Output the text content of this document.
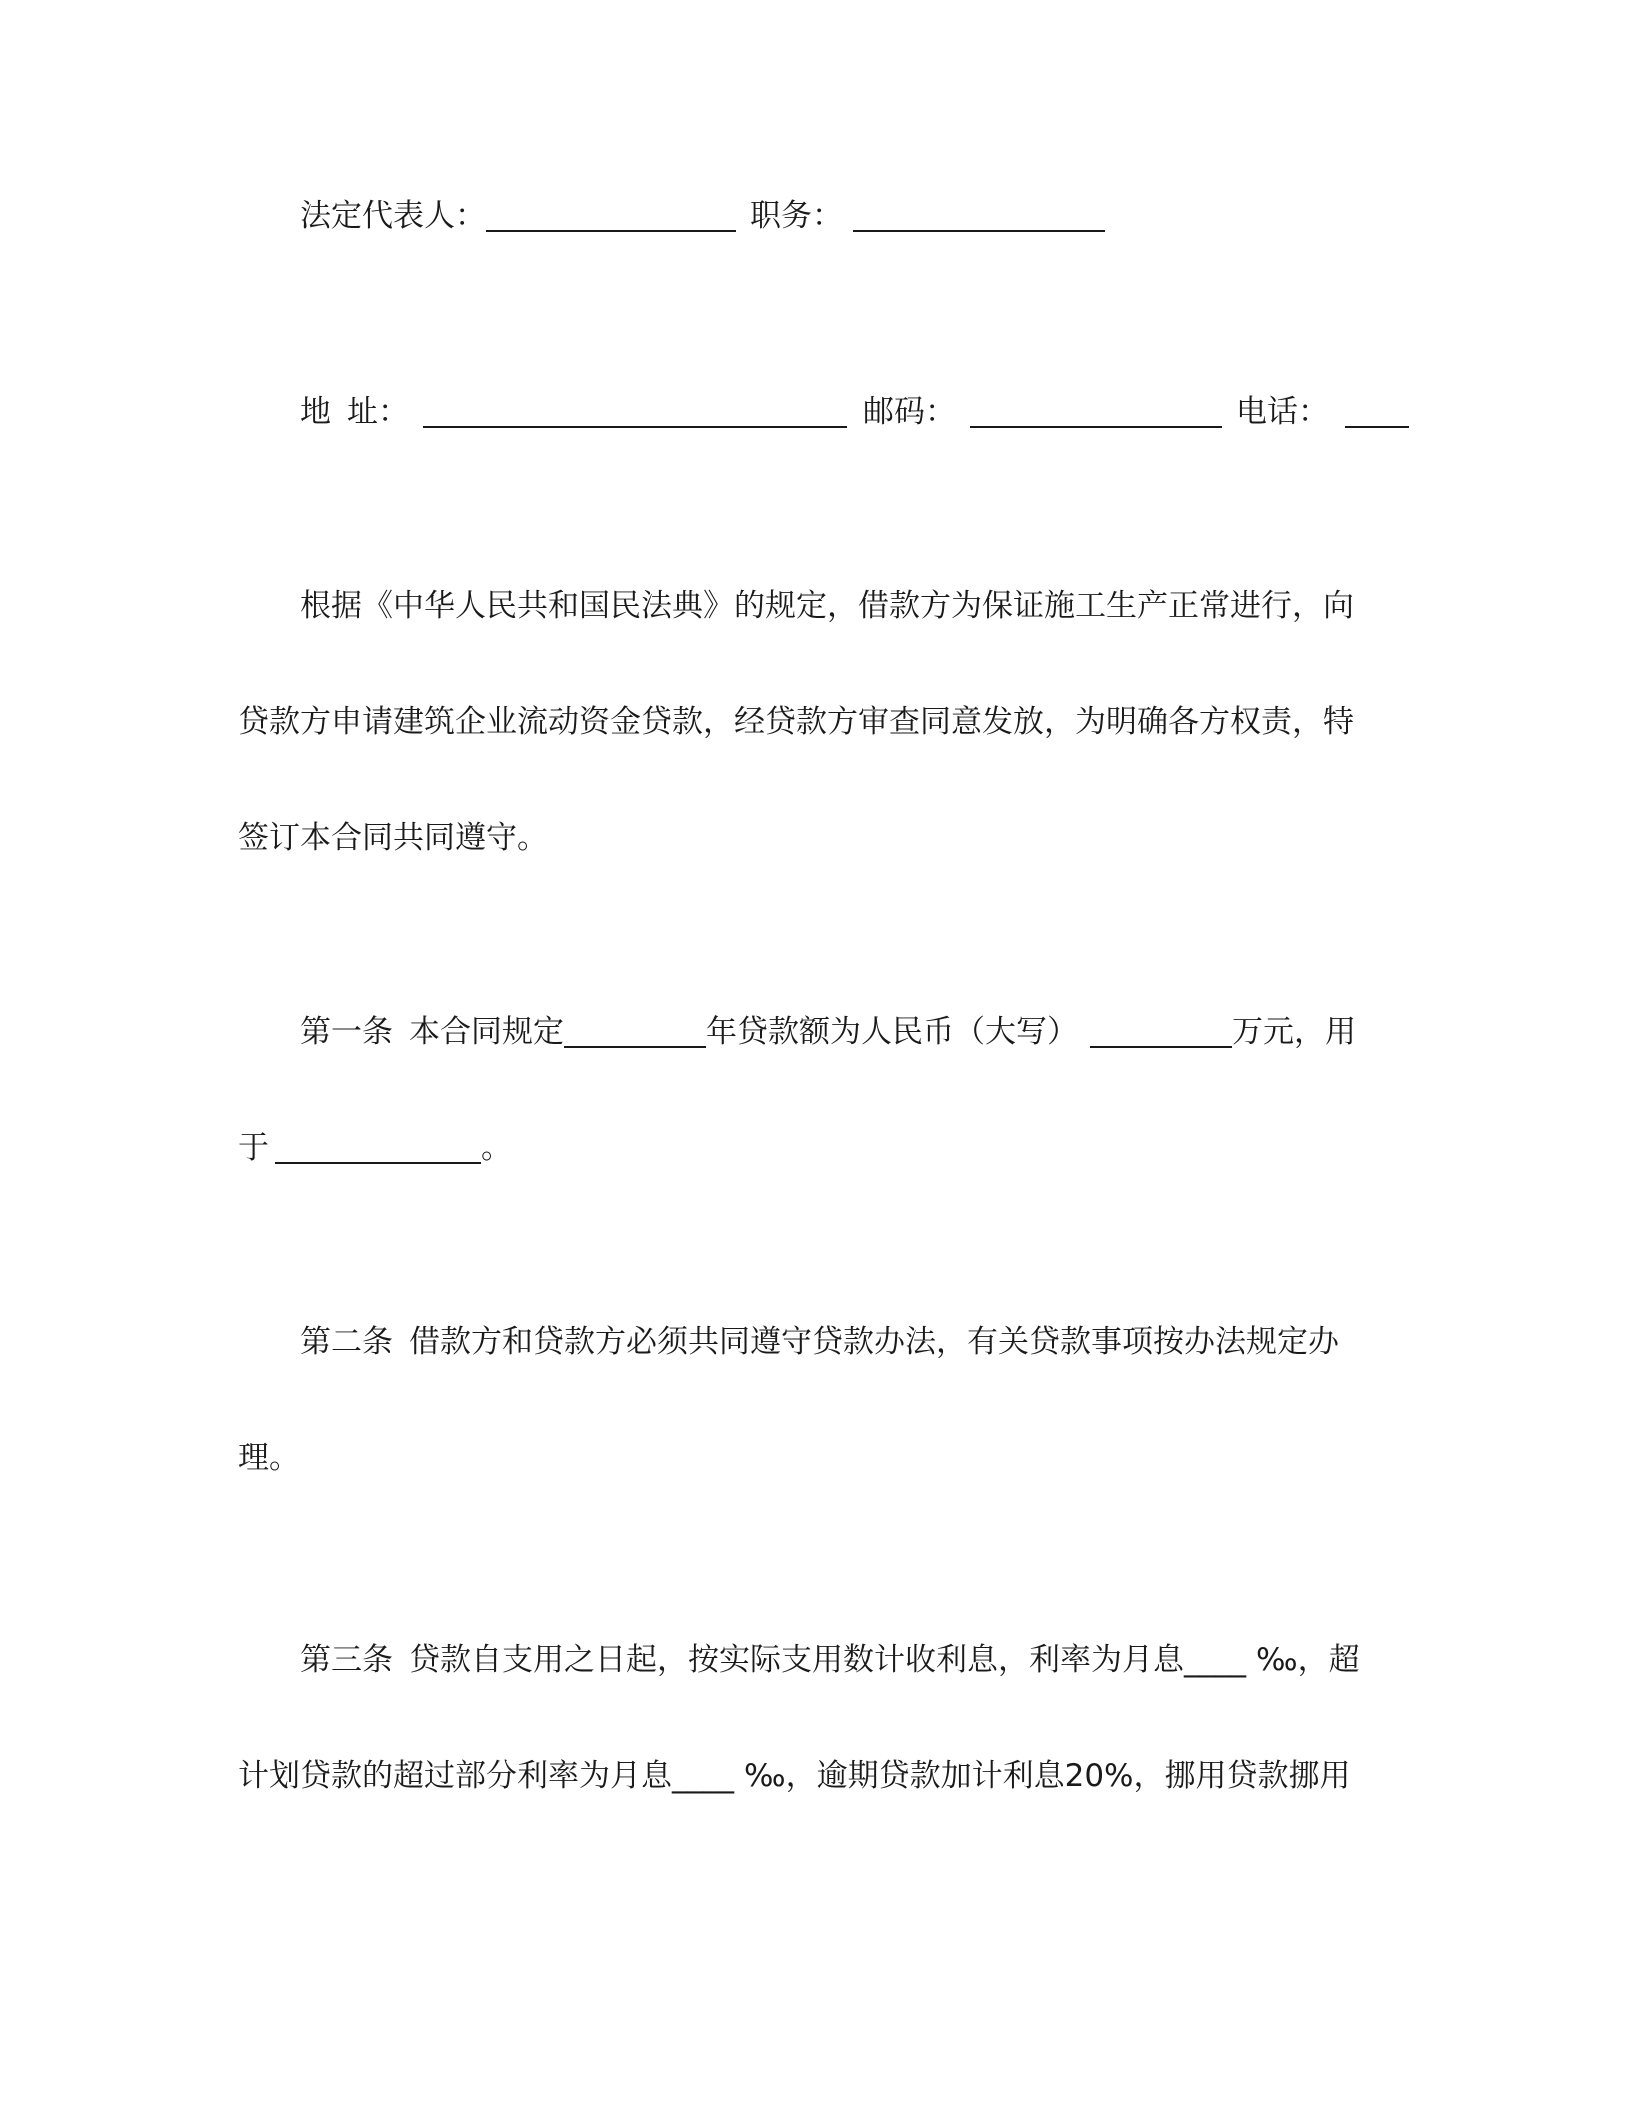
法定代表人：	职务：
地 址：	邮码：	电话：
根据《中华人民共和国民法典》的规定，借款方为保证施工生产正常进行，向
贷款方申请建筑企业流动资金贷款，经贷款方审查同意发放，为明确各方权责，特
签订本合同共同遵守。
第一条 本合同规定	年贷款额为人民币（大写）	万元，用
于	。
第二条 借款方和贷款方必须共同遵守贷款办法，有关贷款事项按办法规定办
理。
第三条 贷款自支用之日起，按实际支用数计收利息，利率为月息____ ‰，超
计划贷款的超过部分利率为月息____ ‰，逾期贷款加计利息20%，挪用贷款挪用
